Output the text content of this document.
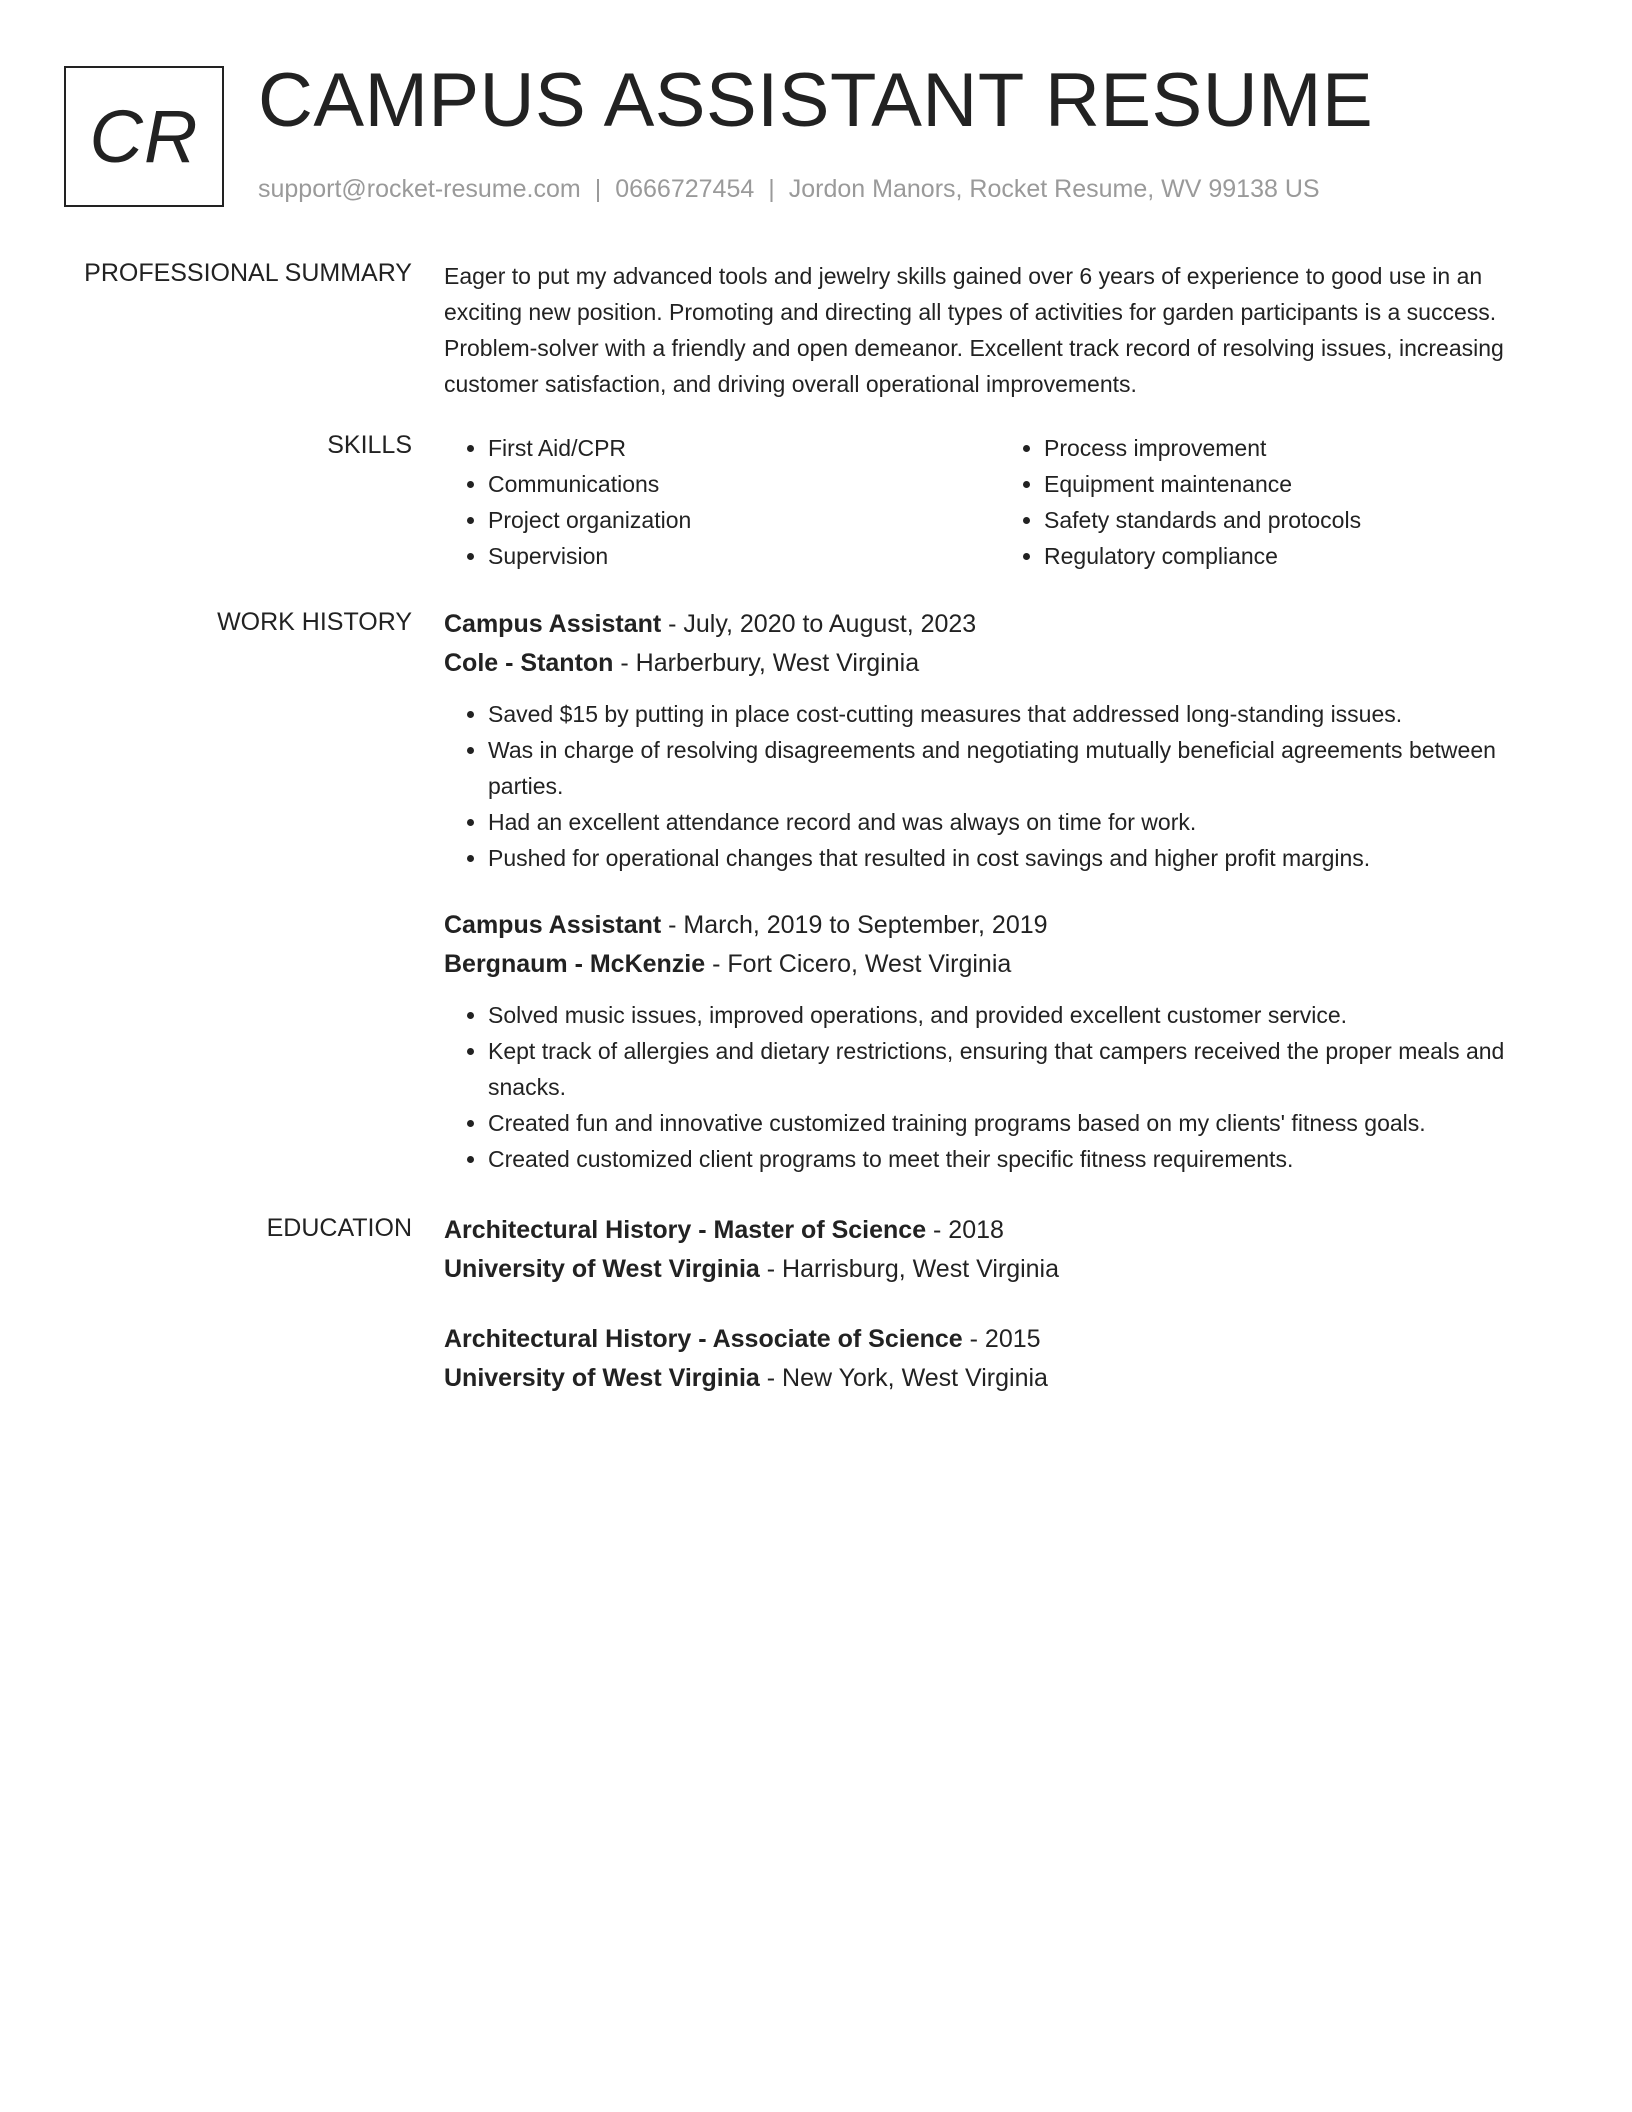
CR CAMPUS ASSISTANT RESUME
support@rocket-resume.com | 0666727454 | Jordon Manors, Rocket Resume, WV 99138 US
PROFESSIONAL SUMMARY Eager to put my advanced tools and jewelry skills gained over 6 years of experience to good use in an exciting new position. Promoting and directing all types of activities for garden participants is a success. Problem-solver with a friendly and open demeanor. Excellent track record of resolving issues, increasing customer satisfaction, and driving overall operational improvements.

SKILLS
•	First Aid/CPR
• Communications
• Project organization
• Supervision
• Process improvement
• Equipment maintenance
• Safety standards and protocols
• Regulatory compliance
WORK HISTORY Campus Assistant - July, 2020 to August, 2023
Cole - Stanton - Harberbury, West Virginia
• Saved $15 by putting in place cost-cutting measures that addressed long-standing issues.
• Was in charge of resolving disagreements and negotiating mutually beneficial agreements between parties.
• Had an excellent attendance record and was always on time for work.
• Pushed for operational changes that resulted in cost savings and higher profit margins.
Campus Assistant - March, 2019 to September, 2019
Bergnaum - McKenzie - Fort Cicero, West Virginia
• Solved music issues, improved operations, and provided excellent customer service.
• Kept track of allergies and dietary restrictions, ensuring that campers received the proper meals and snacks.
• Created fun and innovative customized training programs based on my clients' fitness goals.
• Created customized client programs to meet their specific fitness requirements.
EDUCATION Architectural History - Master of Science - 2018
University of West Virginia - Harrisburg, West Virginia
Architectural History - Associate of Science - 2015
University of West Virginia - New York, West Virginia
